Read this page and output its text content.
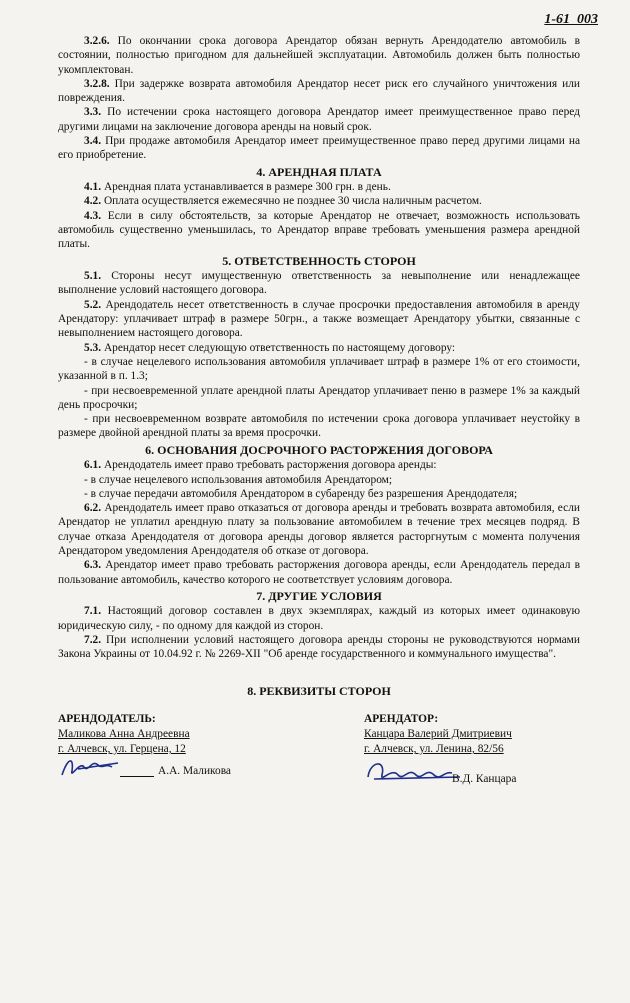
1-61_003

3.2.6. По окончании срока договора Арендатор обязан вернуть Арендодателю автомобиль в состоянии, полностью пригодном для дальнейшей эксплуатации. Автомобиль должен быть полностью укомплектован.

3.2.8. При задержке возврата автомобиля Арендатор несет риск его случайного уничтожения или повреждения.

3.3. По истечении срока настоящего договора Арендатор имеет преимущественное право перед другими лицами на заключение договора аренды на новый срок.

3.4. При продаже автомобиля Арендатор имеет преимущественное право перед другими лицами на его приобретение.

4. АРЕНДНАЯ ПЛАТА

4.1. Арендная плата устанавливается в размере 300 грн. в день.

4.2. Оплата осуществляется ежемесячно не позднее 30 числа наличным расчетом.

4.3. Если в силу обстоятельств, за которые Арендатор не отвечает, возможность использовать автомобиль существенно уменьшилась, то Арендатор вправе требовать уменьшения размера арендной платы.

5. ОТВЕТСТВЕННОСТЬ СТОРОН

5.1. Стороны несут имущественную ответственность за невыполнение или ненадлежащее выполнение условий настоящего договора.

5.2. Арендодатель несет ответственность в случае просрочки предоставления автомобиля в аренду Арендатору: уплачивает штраф в размере 50грн., а также возмещает Арендатору убытки, связанные с невыполнением настоящего договора.

5.3. Арендатор несет следующую ответственность по настоящему договору:

- в случае нецелевого использования автомобиля уплачивает штраф в размере 1% от его стоимости, указанной в п. 1.3;

- при несвоевременной уплате арендной платы Арендатор уплачивает пеню в размере 1% за каждый день просрочки;

- при несвоевременном возврате автомобиля по истечении срока договора уплачивает неустойку в размере двойной арендной платы за время просрочки.

6. ОСНОВАНИЯ ДОСРОЧНОГО РАСТОРЖЕНИЯ ДОГОВОРА

6.1. Арендодатель имеет право требовать расторжения договора аренды:

- в случае нецелевого использования автомобиля Арендатором;

- в случае передачи автомобиля Арендатором в субаренду без разрешения Арендодателя;

6.2. Арендодатель имеет право отказаться от договора аренды и требовать возврата автомобиля, если Арендатор не уплатил арендную плату за пользование автомобилем в течение трех месяцев подряд. В случае отказа Арендодателя от договора аренды договор является расторгнутым с момента получения Арендатором уведомления Арендодателя об отказе от договора.

6.3. Арендатор имеет право требовать расторжения договора аренды, если Арендодатель передал в пользование автомобиль, качество которого не соответствует условиям договора.

7. ДРУГИЕ УСЛОВИЯ

7.1. Настоящий договор составлен в двух экземплярах, каждый из которых имеет одинаковую юридическую силу, - по одному для каждой из сторон.

7.2. При исполнении условий настоящего договора аренды стороны не руководствуются нормами Закона Украины от 10.04.92 г. № 2269-XII "Об аренде государственного и коммунального имущества".

8. РЕКВИЗИТЫ СТОРОН
АРЕНДОДАТЕЛЬ:
Маликова Анна Андреевна
г. Алчевск, ул. Герцена, 12
А.А. Маликова
АРЕНДАТОР:
Канцара Валерий Дмитриевич
г. Алчевск, ул. Ленина, 82/56
В.Д. Канцара
